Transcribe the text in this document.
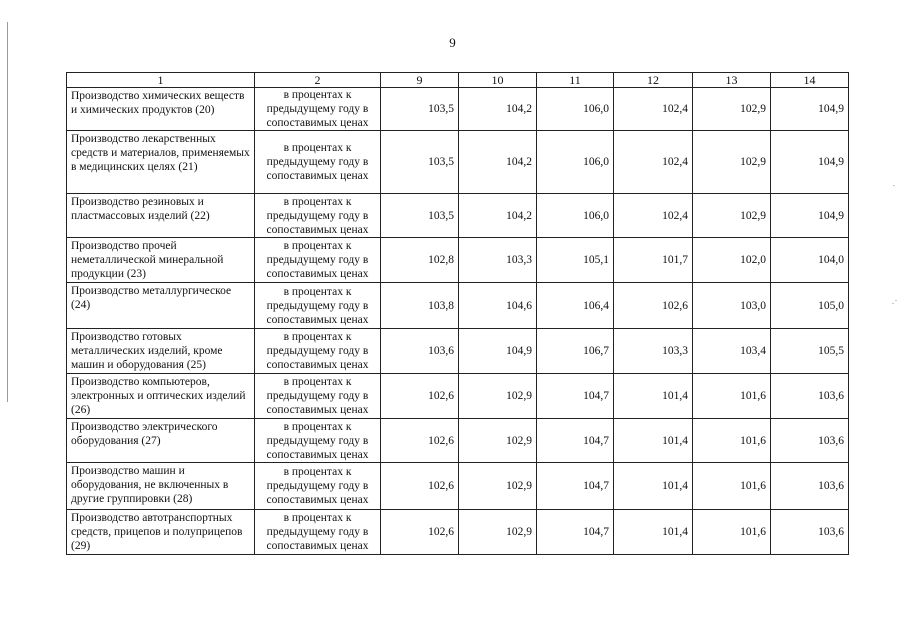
9
1	2	9	10	11	12	13	14
Производство химических веществ и химических продуктов (20)	в процентах к предыдущему году в сопоставимых ценах	103,5	104,2	106,0	102,4	102,9	104,9
Производство лекарственных средств и материалов, применяемых в медицинских целях (21)	в процентах к предыдущему году в сопоставимых ценах	103,5	104,2	106,0	102,4	102,9	104,9
Производство резиновых и пластмассовых изделий (22)	в процентах к предыдущему году в сопоставимых ценах	103,5	104,2	106,0	102,4	102,9	104,9
Производство прочей неметаллической минеральной продукции (23)	в процентах к предыдущему году в сопоставимых ценах	102,8	103,3	105,1	101,7	102,0	104,0
Производство металлургическое (24)	в процентах к предыдущему году в сопоставимых ценах	103,8	104,6	106,4	102,6	103,0	105,0
Производство готовых металлических изделий, кроме машин и оборудования (25)	в процентах к предыдущему году в сопоставимых ценах	103,6	104,9	106,7	103,3	103,4	105,5
Производство компьютеров, электронных и оптических изделий (26)	в процентах к предыдущему году в сопоставимых ценах	102,6	102,9	104,7	101,4	101,6	103,6
Производство электрического оборудования (27)	в процентах к предыдущему году в сопоставимых ценах	102,6	102,9	104,7	101,4	101,6	103,6
Производство машин и оборудования, не включенных в другие группировки (28)	в процентах к предыдущему году в сопоставимых ценах	102,6	102,9	104,7	101,4	101,6	103,6
Производство автотранспортных средств, прицепов и полуприцепов (29)	в процентах к предыдущему году в сопоставимых ценах	102,6	102,9	104,7	101,4	101,6	103,6
